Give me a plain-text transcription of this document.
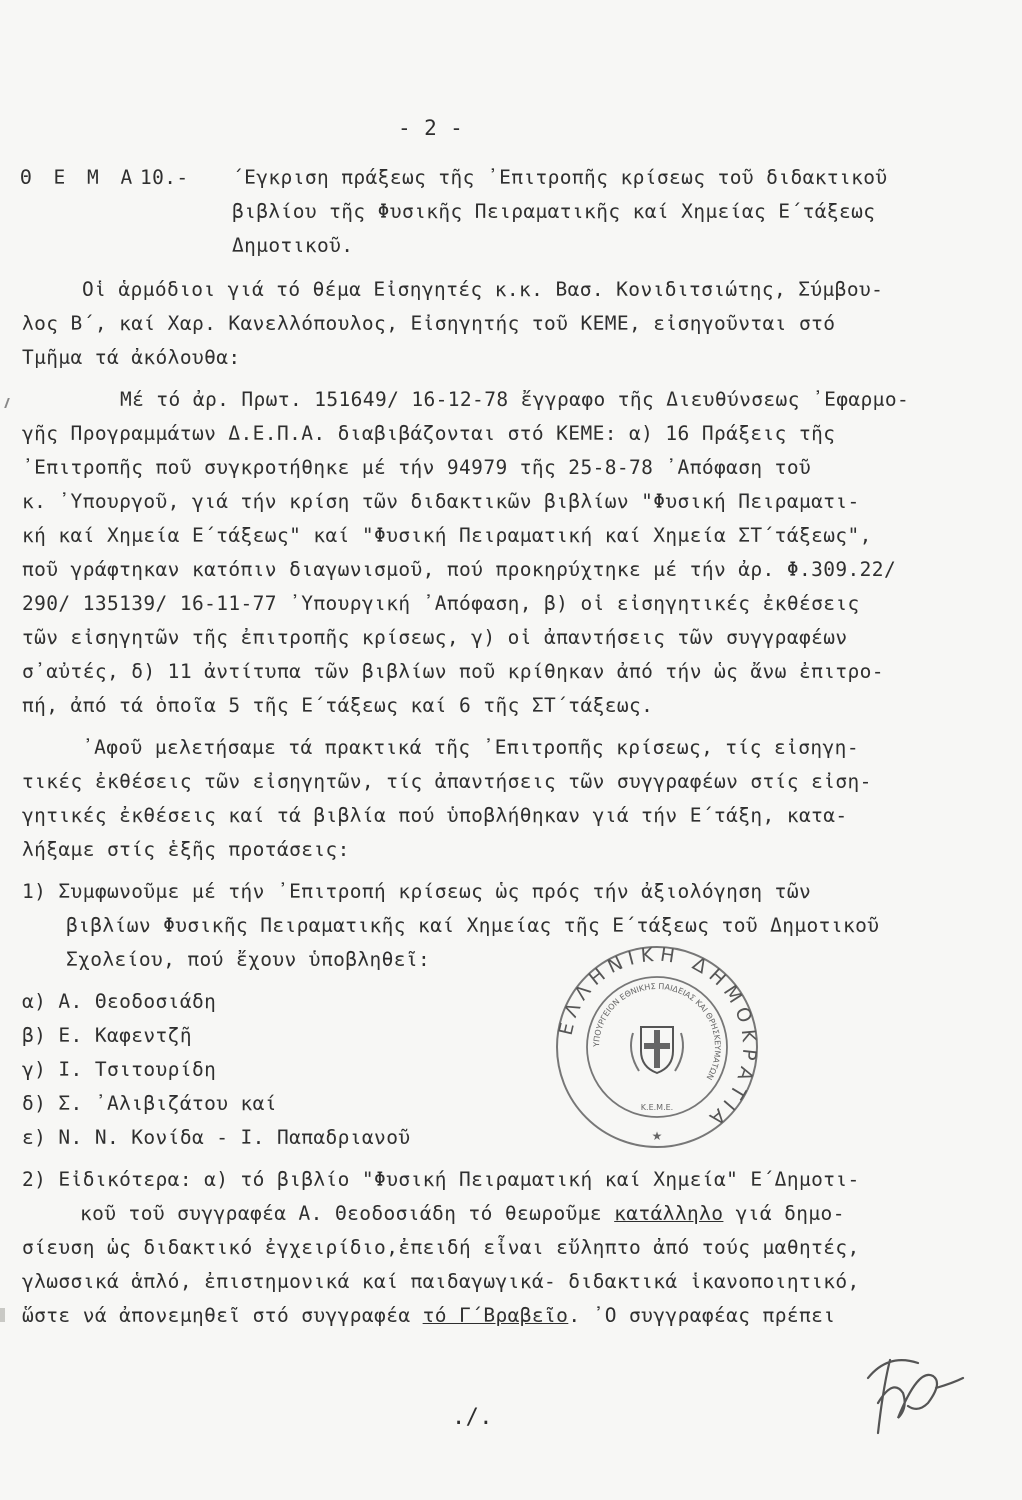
- 2 -
Θ Ε Μ Α 10.- ´Εγκριση πράξεως τῆς ᾽Επιτροπῆς κρίσεως τοῦ διδακτικοῦ
βιβλίου τῆς Φυσικῆς Πειραματικῆς καί Χημείας Ε´τάξεως
Δημοτικοῦ.
Οἱ ἁρμόδιοι γιά τό θέμα Εἰσηγητές κ.κ. Βασ. Κονιδιτσιώτης, Σύμβου-
λος Β´, καί Χαρ. Κανελλόπουλος, Εἰσηγητής τοῦ ΚΕΜΕ, εἰσηγοῦνται στό
Τμῆμα τά ἀκόλουθα:
Μέ τό ἀρ. Πρωτ. 151649/ 16-12-78 ἔγγραφο τῆς Διευθύνσεως ᾽Εφαρμο-
γῆς Προγραμμάτων Δ.Ε.Π.Α. διαβιβάζονται στό ΚΕΜΕ: α) 16 Πράξεις τῆς
᾽Επιτροπῆς ποῦ συγκροτήθηκε μέ τήν 94979 τῆς 25-8-78 ᾽Απόφαση τοῦ
κ. ᾽Υπουργοῦ, γιά τήν κρίση τῶν διδακτικῶν βιβλίων "Φυσική Πειραματι-
κή καί Χημεία Ε´τάξεως" καί "Φυσική Πειραματική καί Χημεία ΣΤ´τάξεως",
ποῦ γράφτηκαν κατόπιν διαγωνισμοῦ, πού προκηρύχτηκε μέ τήν ἀρ. Φ.309.22/
290/ 135139/ 16-11-77 ᾽Υπουργική ᾽Απόφαση, β) οἱ εἰσηγητικές ἐκθέσεις
τῶν εἰσηγητῶν τῆς ἐπιτροπῆς κρίσεως, γ) οἱ ἀπαντήσεις τῶν συγγραφέων
σ᾽αὐτές, δ) 11 ἀντίτυπα τῶν βιβλίων ποῦ κρίθηκαν ἀπό τήν ὡς ἄνω ἐπιτρο-
πή, ἀπό τά ὁποῖα 5 τῆς Ε´τάξεως καί 6 τῆς ΣΤ´τάξεως.
᾽Αφοῦ μελετήσαμε τά πρακτικά τῆς ᾽Επιτροπῆς κρίσεως, τίς εἰσηγη-
τικές ἐκθέσεις τῶν εἰσηγητῶν, τίς ἀπαντήσεις τῶν συγγραφέων στίς εἰση-
γητικές ἐκθέσεις καί τά βιβλία πού ὑποβλήθηκαν γιά τήν Ε´τάξη, κατα-
λήξαμε στίς ἑξῆς προτάσεις:
1) Συμφωνοῦμε μέ τήν ᾽Επιτροπή κρίσεως ὡς πρός τήν ἀξιολόγηση τῶν
βιβλίων Φυσικῆς Πειραματικῆς καί Χημείας τῆς Ε´τάξεως τοῦ Δημοτικοῦ
Σχολείου, πού ἔχουν ὑποβληθεῖ:
α) Α. Θεοδοσιάδη
β) Ε. Καφεντζῆ
γ) Ι. Τσιτουρίδη
δ) Σ. ᾽Αλιβιζάτου καί
ε) Ν. Ν. Κονίδα - Ι. Παπαδριανοῦ
2) Εἰδικότερα: α) τό βιβλίο "Φυσική Πειραματική καί Χημεία" Ε´Δημοτι-
κοῦ τοῦ συγγραφέα Α. Θεοδοσιάδη τό θεωροῦμε κατάλληλο γιά δημο-
σίευση ὡς διδακτικό ἐγχειρίδιο,ἐπειδή εἶναι εὔληπτο ἀπό τούς μαθητές,
γλωσσικά ἁπλό, ἐπιστημονικά καί παιδαγωγικά- διδακτικά ἱκανοποιητικό,
ὥστε νά ἀπονεμηθεῖ στό συγγραφέα τό Γ´Βραβεῖο. ᾽Ο συγγραφέας πρέπει
ΕΛΛΗΝΙΚΗ ΔΗΜΟΚΡΑΤΙΑ
ΥΠΟΥΡΓΕΙΟΝ ΕΘΝΙΚΗΣ ΠΑΙΔΕΙΑΣ ΚΑΙ ΘΡΗΣΚΕΥΜΑΤΩΝ
Κ.Ε.Μ.Ε.
★
./.
